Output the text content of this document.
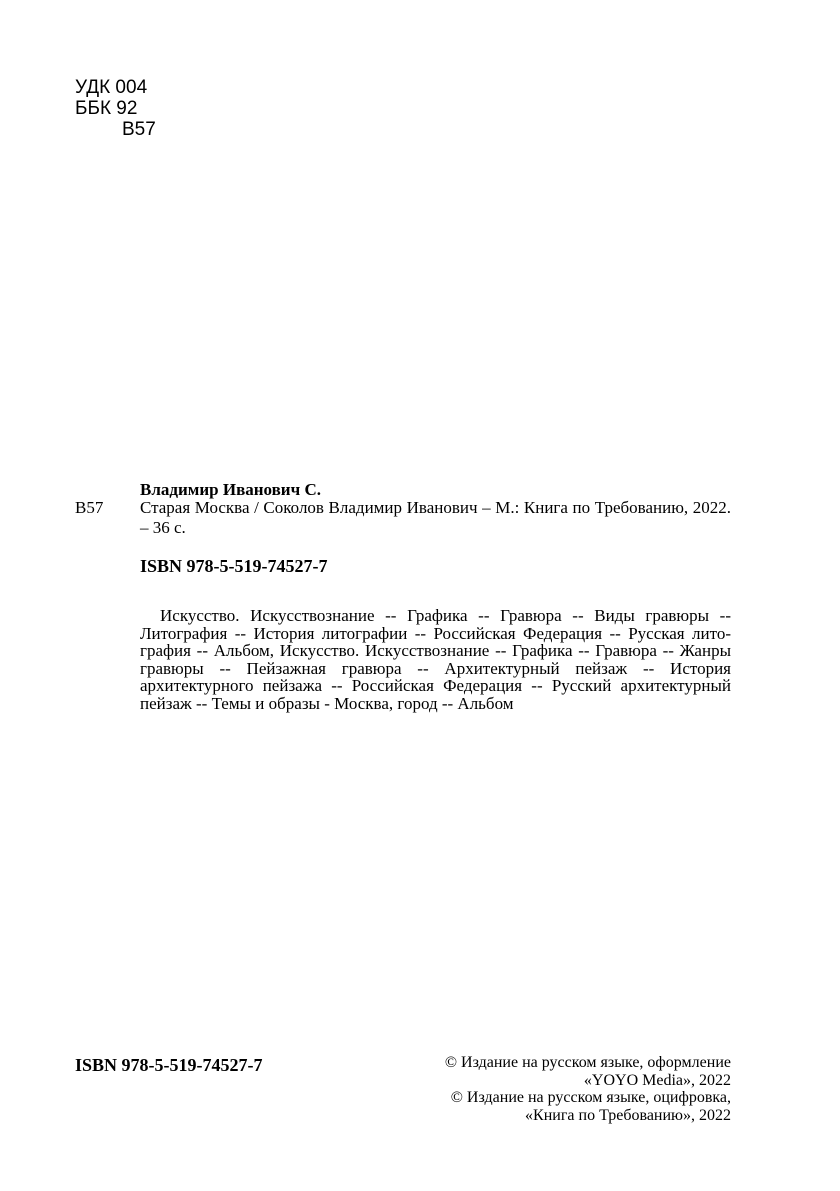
УДК 004
ББК 92
В57
Владимир Иванович С.
В57 Старая Москва / Соколов Владимир Иванович – М.: Книга по Требованию, 2022. – 36 с.
ISBN 978-5-519-74527-7
Искусство. Искусствознание -- Графика -- Гравюра -- Виды гравюры -- Литография -- История литографии -- Российская Федерация -- Русская лито-графия -- Альбом, Искусство. Искусствознание -- Графика -- Гравюра -- Жанры гравюры -- Пейзажная гравюра -- Архитектурный пейзаж -- История архитектурного пейзажа -- Российская Федерация -- Русский архитектурный пейзаж -- Темы и образы - Москва, город -- Альбом
ISBN 978-5-519-74527-7	© Издание на русском языке, оформление
«YOYO Media», 2022
© Издание на русском языке, оцифровка,
«Книга по Требованию», 2022
